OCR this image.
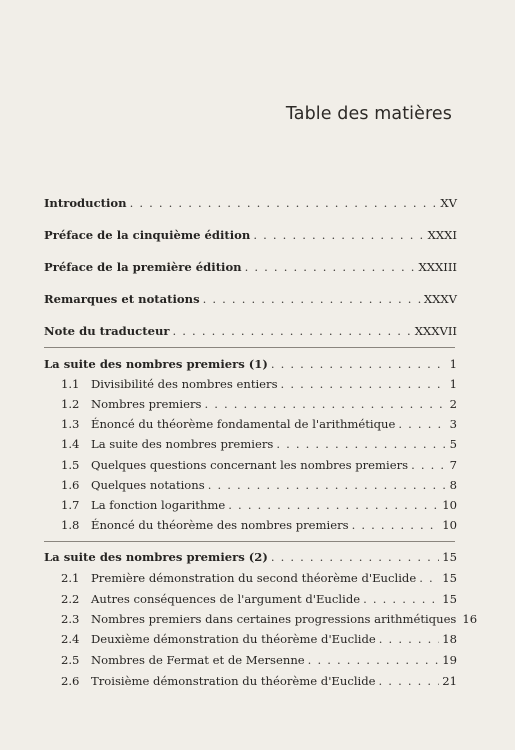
Table des matières
Introduction . . .	XV
Préface de la cinquième édition . . .	XXXI
Préface de la première édition . . .	XXXIII
Remarques et notations . . .	XXXV
Note du traducteur . . .	XXXVII
La suite des nombres premiers (1) . . .	1
1.1 Divisibilité des nombres entiers . . .	1
1.2 Nombres premiers . . .	2
1.3 Énoncé du théorème fondamental de l'arithmétique . . .	3
1.4 La suite des nombres premiers . . .	5
1.5 Quelques questions concernant les nombres premiers . . .	7
1.6 Quelques notations . . .	8
1.7 La fonction logarithme . . .	10
1.8 Énoncé du théorème des nombres premiers . . .	10
La suite des nombres premiers (2) . . .	15
2.1 Première démonstration du second théorème d'Euclide . . . 15
2.2 Autres conséquences de l'argument d'Euclide . . .	15
2.3 Nombres premiers dans certaines progressions arithmétiques 16
2.4 Deuxième démonstration du théorème d'Euclide . . .	18
2.5 Nombres de Fermat et de Mersenne . . .	19
2.6 Troisième démonstration du théorème d'Euclide . . .	21
